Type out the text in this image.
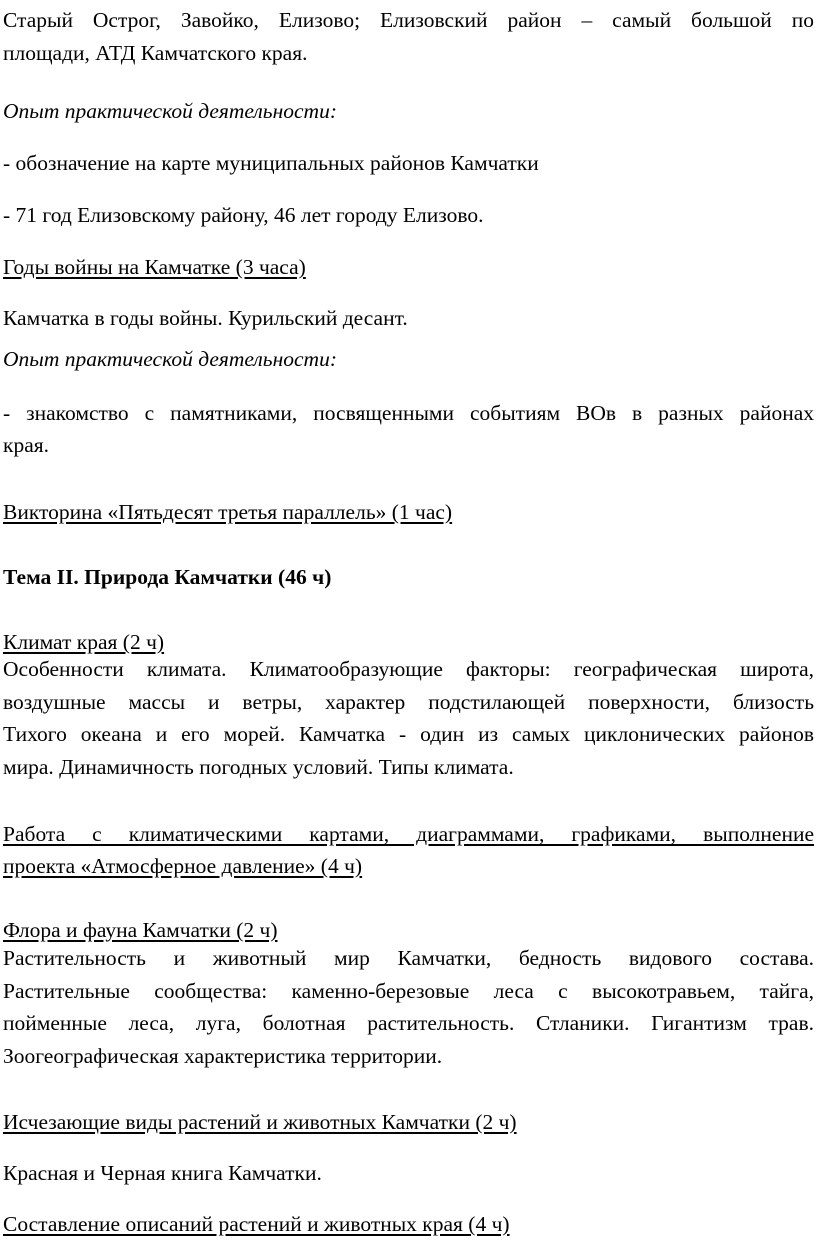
Старый Острог, Завойко, Елизово; Елизовский район – самый большой по
площади, АТД Камчатского края.
Опыт практической деятельности:
- обозначение на карте муниципальных районов Камчатки
- 71 год Елизовскому району, 46 лет городу Елизово.
Годы войны на Камчатке (3 часа)
Камчатка в годы войны. Курильский десант.
Опыт практической деятельности:
- знакомство с памятниками, посвященными событиям ВОв в разных районах
края.
Викторина «Пятьдесят третья параллель» (1 час)
Тема II. Природа Камчатки (46 ч)
Климат края (2 ч)
Особенности климата. Климатообразующие факторы: географическая широта,
воздушные массы и ветры, характер подстилающей поверхности, близость
Тихого океана и его морей. Камчатка - один из самых циклонических районов
мира. Динамичность погодных условий. Типы климата.
Работа с климатическими картами, диаграммами, графиками, выполнение
проекта «Атмосферное давление» (4 ч)
Флора и фауна Камчатки (2 ч)
Растительность и животный мир Камчатки, бедность видового состава.
Растительные сообщества: каменно-березовые леса с высокотравьем, тайга,
пойменные леса, луга, болотная растительность. Стланики. Гигантизм трав.
Зоогеографическая характеристика территории.
Исчезающие виды растений и животных Камчатки (2 ч)
Красная и Черная книга Камчатки.
Составление описаний растений и животных края (4 ч)
